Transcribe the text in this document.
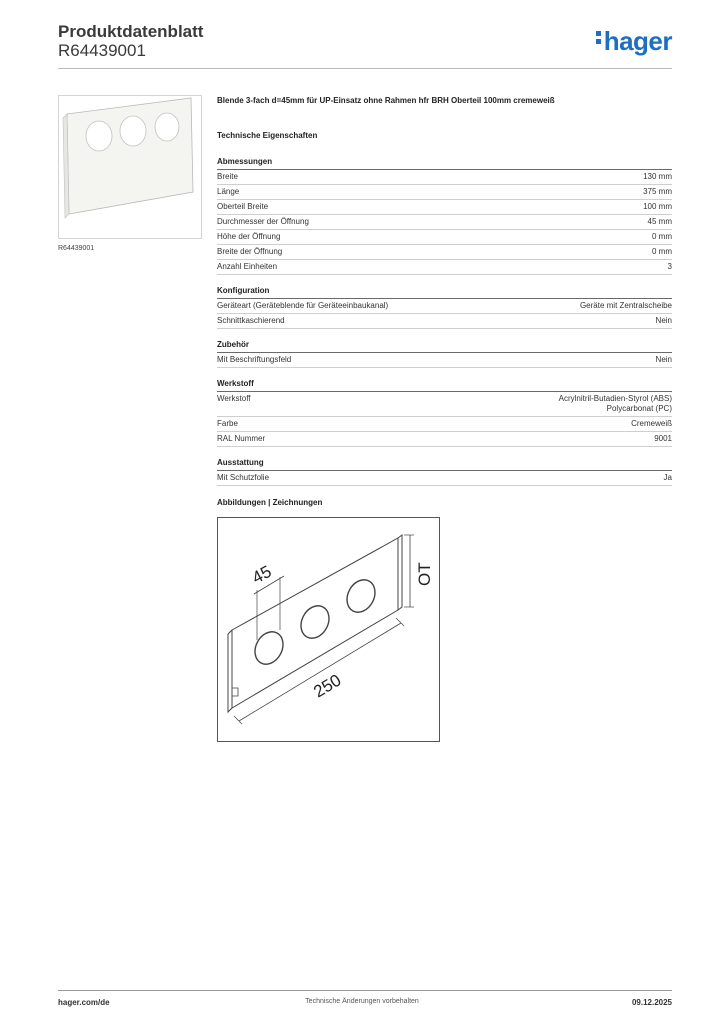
Produktdatenblatt
R64439001	hager
R64439001
Blende 3-fach d=45mm für UP-Einsatz ohne Rahmen hfr BRH Oberteil 100mm cremeweiß
Technische Eigenschaften
Abmessungen
Breite	130 mm
Länge	375 mm
Oberteil Breite	100 mm
Durchmesser der Öffnung	45 mm
Höhe der Öffnung	0 mm
Breite der Öffnung	0 mm
Anzahl Einheiten	3
Konfiguration
Geräteart (Geräteblende für Geräteeinbaukanal)	Geräte mit Zentralscheibe
Schnittkaschierend	Nein
Zubehör
Mit Beschriftungsfeld	Nein
Werkstoff
Werkstoff	Acrylnitril-Butadien-Styrol (ABS)
Polycarbonat (PC)
Farbe	Cremeweiß
RAL Nummer	9001
Ausstattung
Mit Schutzfolie	Ja
Abbildungen | Zeichnungen
45	OT
250
hager.com/de	Technische Änderungen vorbehalten	09.12.2025
